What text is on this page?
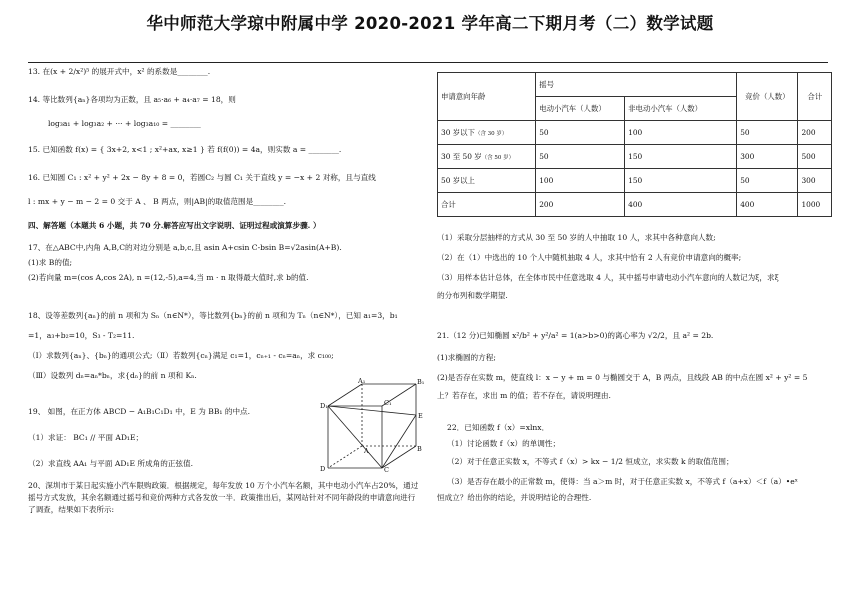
华中师范大学琼中附属中学 2020-2021 学年高二下期月考（二）数学试题
13. 在(x + 2/x²)⁵ 的展开式中，x² 的系数是________.
14. 等比数列{aₙ}各项均为正数，且 a₅·a₆ + a₄·a₇ = 18，则
log₃a₁ + log₃a₂ + ··· + log₃a₁₀ = ________
15. 已知函数 f(x) = { 3x+2, x<1 ; x²+ax, x≥1 } 若 f(f(0)) = 4a，则实数 a = ________.
16. 已知圆 C₁ : x² + y² + 2x − 8y + 8 = 0，若圆C₂ 与圆 C₁ 关于直线 y = −x + 2 对称，且与直线
l : mx + y − m − 2 = 0 交于 A 、 B 两点，则|AB|的取值范围是________.
四、解答题（本题共 6 小题，共 70 分.解答应写出文字说明、证明过程或演算步骤. ）
17、在△ABC中,内角 A,B,C的对边分别是 a,b,c,且 asin A+csin C-bsin B=√2asin(A+B).
(1)求 B的值;
(2)若向量 m=(cos A,cos 2A), n =(12,-5),a=4,当 m · n 取得最大值时,求 b的值.
18、设等差数列{aₙ}的前 n 项和为 Sₙ（n∈N*），等比数列{bₙ}的前 n 项和为 Tₙ（n∈N*），已知 a₁=3，b₁
=1，a₃+b₂=10，S₃ - T₂=11.
（Ⅰ）求数列{aₙ}、{bₙ}的通项公式;（Ⅱ）若数列{cₙ}满足 c₁=1，cₙ₊₁ - cₙ=aₙ，求 c₁₀₀;
（Ⅲ）设数列 dₙ=aₙ*bₙ，求{dₙ}的前 n 项和 Kₙ.
19、 如图，在正方体 ABCD − A₁B₁C₁D₁ 中，E 为 BB₁ 的中点.
（1）求证： BC₁ // 平面 AD₁E；
（2）求直线 AA₁ 与平面 AD₁E 所成角的正弦值.
20、深圳市于某日起实施小汽车限购政策．根据规定，每年发放 10 万个小汽车名额，其中电动小汽车占20%，通过摇号方式发放，其余名额通过摇号和竞价两种方式各发放一半．政策推出后，某网站针对不同年龄段的申请意向进行了调查，结果如下表所示:
D₁
A₁	B₁
C₁
D
A	B
C
E
申请意向年龄	摇号		竞价（人数）	合计
	电动小汽车（人数）	非电动小汽车（人数）		
30 岁以下（含 30 岁）	50	100	50	200
30 至 50 岁（含 50 岁）	50	150	300	500
50 岁以上	100	150	50	300
合计	200	400	400	1000
（1）采取分层抽样的方式从 30 至 50 岁的人中抽取 10 人，求其中各种意向人数;
（2）在（1）中选出的 10 个人中随机抽取 4 人，求其中恰有 2 人有竞价申请意向的概率;
（3）用样本估计总体，在全体市民中任意选取 4 人，其中摇号申请电动小汽车意向的人数记为ξ，求ξ
的分布列和数学期望.
21.（12 分)已知椭圆 x²/b² + y²/a² = 1(a>b>0)的离心率为 √2/2，且 a² = 2b.
(1)求椭圆的方程;
(2)是否存在实数 m，使直线 l：x − y + m = 0 与椭圆交于 A，B 两点，且线段 AB 的中点在圆 x² + y² = 5
上？若存在，求出 m 的值；若不存在，请说明理由.
22．已知函数 f（x）=xlnx．
（1）讨论函数 f（x）的单调性；
（2）对于任意正实数 x，不等式 f（x）> kx − 1/2 恒成立，求实数 k 的取值范围；
（3）是否存在最小的正常数 m，使得：当 a＞m 时，对于任意正实数 x，不等式 f（a+x）＜f（a）•eˣ
恒成立？给出你的结论，并说明结论的合理性.
